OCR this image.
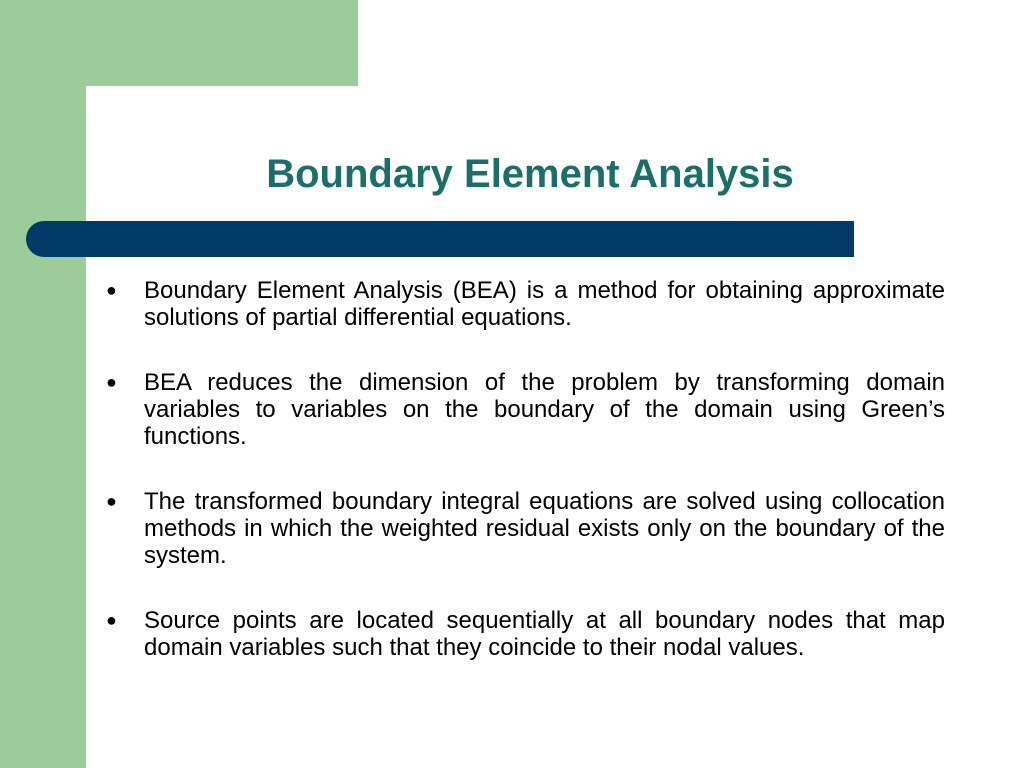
Boundary Element Analysis
● Boundary Element Analysis (BEA) is a method for obtaining approximate solutions of partial differential equations.
● BEA reduces the dimension of the problem by transforming domain variables to variables on the boundary of the domain using Green’s functions.
● The transformed boundary integral equations are solved using collocation methods in which the weighted residual exists only on the boundary of the system.
● Source points are located sequentially at all boundary nodes that map domain variables such that they coincide to their nodal values.
